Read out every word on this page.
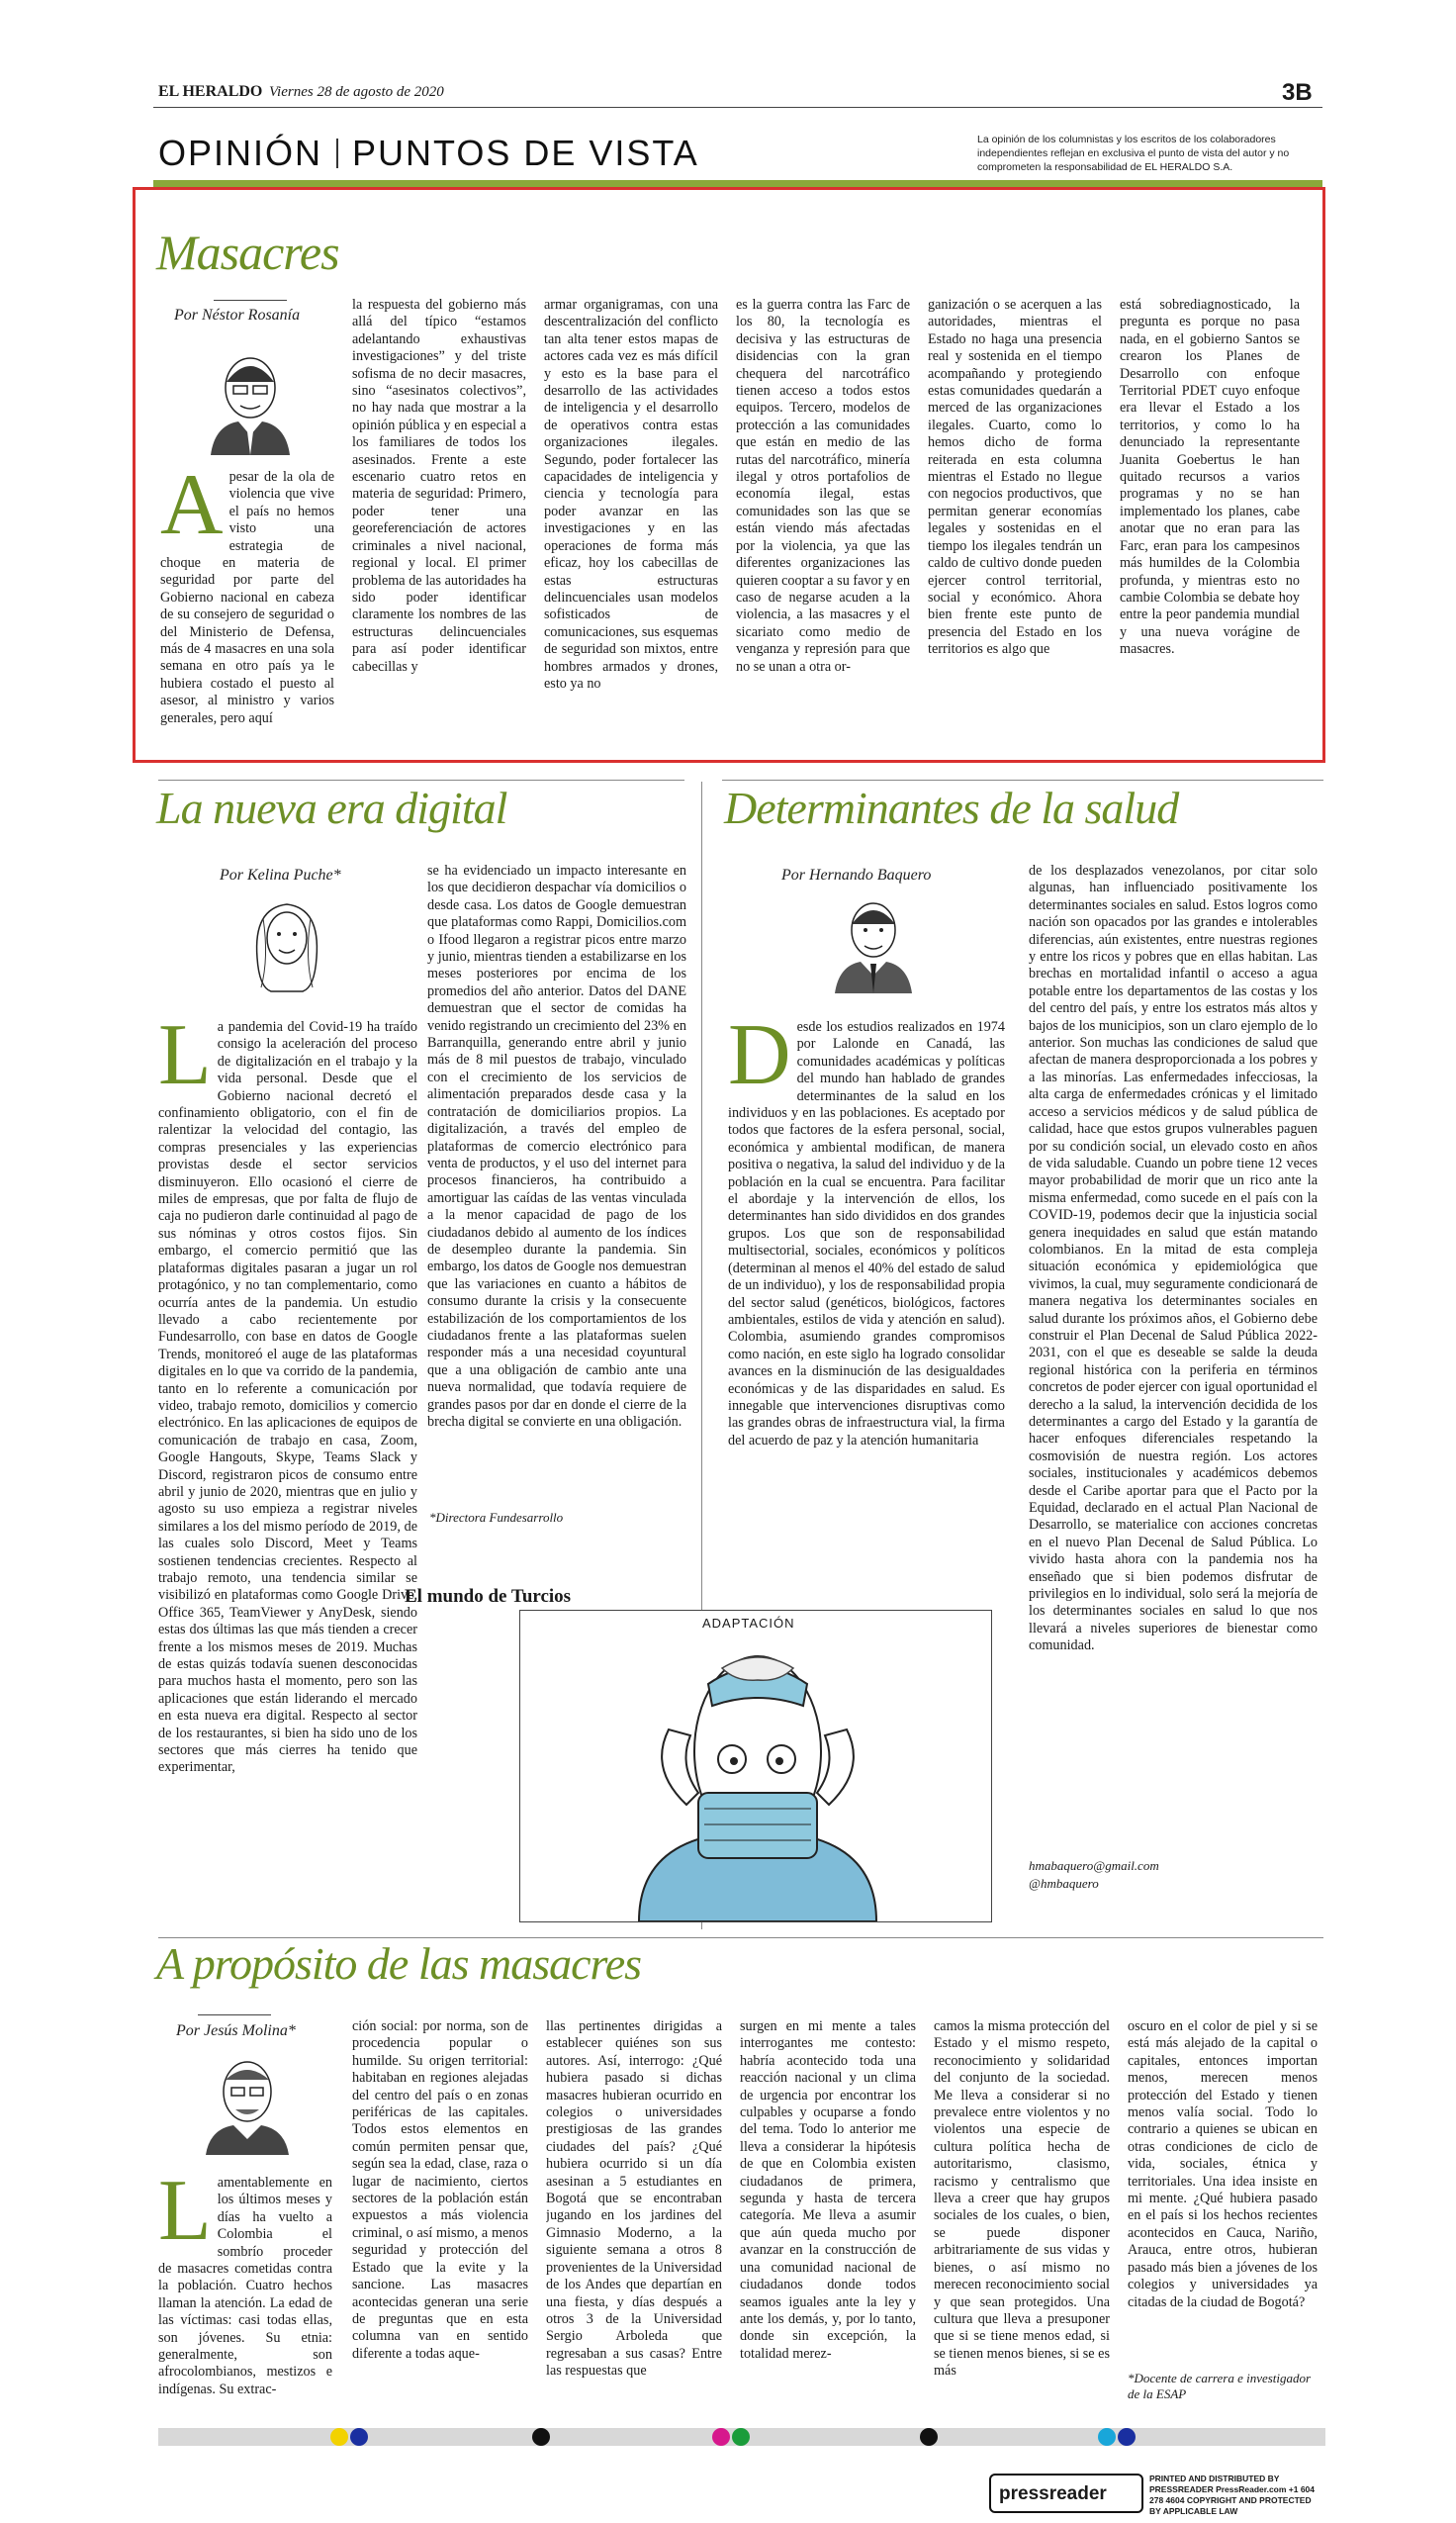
EL HERALDO Viernes 28 de agosto de 2020	3B
OPINIÓN PUNTOS DE VISTA	La opinión de los columnistas y los escritos de los colaboradores independientes reflejan en exclusiva el punto de vista del autor y no comprometen la responsabilidad de EL HERALDO S.A.
Masacres
Por Néstor Rosanía
Apesar de la ola de violencia que vive el país no hemos visto una estrategia de choque en materia de seguridad por parte del Gobierno nacional en cabeza de su consejero de seguridad o del Ministerio de Defensa, más de 4 masacres en una sola semana en otro país ya le hubiera costado el puesto al asesor, al ministro y varios generales, pero aquí
la respuesta del gobierno más allá del típico “estamos adelantando exhaustivas investigaciones” y del triste sofisma de no decir masacres, sino “asesinatos colectivos”, no hay nada que mostrar a la opinión pública y en especial a los familiares de todos los asesinados. Frente a este escenario cuatro retos en materia de seguridad: Primero, poder tener una georeferenciación de actores criminales a nivel nacional, regional y local. El primer problema de las autoridades ha sido poder identificar claramente los nombres de las estructuras delincuenciales para así poder identificar cabecillas y
armar organigramas, con una descentralización del conflicto tan alta tener estos mapas de actores cada vez es más difícil y esto es la base para el desarrollo de las actividades de inteligencia y el desarrollo de operativos contra estas organizaciones ilegales. Segundo, poder fortalecer las capacidades de inteligencia y ciencia y tecnología para poder avanzar en las investigaciones y en las operaciones de forma más eficaz, hoy los cabecillas de estas estructuras delincuenciales usan modelos sofisticados de comunicaciones, sus esquemas de seguridad son mixtos, entre hombres armados y drones, esto ya no
es la guerra contra las Farc de los 80, la tecnología es decisiva y las estructuras de disidencias con la gran chequera del narcotráfico tienen acceso a todos estos equipos. Tercero, modelos de protección a las comunidades que están en medio de las rutas del narcotráfico, minería ilegal y otros portafolios de economía ilegal, estas comunidades son las que se están viendo más afectadas por la violencia, ya que las diferentes organizaciones las quieren cooptar a su favor y en caso de negarse acuden a la violencia, a las masacres y el sicariato como medio de venganza y represión para que no se unan a otra or-
ganización o se acerquen a las autoridades, mientras el Estado no haga una presencia real y sostenida en el tiempo acompañando y protegiendo estas comunidades quedarán a merced de las organizaciones ilegales. Cuarto, como lo hemos dicho de forma reiterada en esta columna mientras el Estado no llegue con negocios productivos, que permitan generar economías legales y sostenidas en el tiempo los ilegales tendrán un caldo de cultivo donde pueden ejercer control territorial, social y económico. Ahora bien frente este punto de presencia del Estado en los territorios es algo que
está sobrediagnosticado, la pregunta es porque no pasa nada, en el gobierno Santos se crearon los Planes de Desarrollo con enfoque Territorial PDET cuyo enfoque era llevar el Estado a los territorios, y como lo ha denunciado la representante Juanita Goebertus le han quitado recursos a varios programas y no se han implementado los planes, cabe anotar que no eran para las Farc, eran para los campesinos más humildes de la Colombia profunda, y mientras esto no cambie Colombia se debate hoy entre la peor pandemia mundial y una nueva vorágine de masacres.
La nueva era digital
Por Kelina Puche*
La pandemia del Covid-19 ha traído consigo la aceleración del proceso de digitalización en el trabajo y la vida personal. Desde que el Gobierno nacional decretó el confinamiento obligatorio, con el fin de ralentizar la velocidad del contagio, las compras presenciales y las experiencias provistas desde el sector servicios disminuyeron. Ello ocasionó el cierre de miles de empresas, que por falta de flujo de caja no pudieron darle continuidad al pago de sus nóminas y otros costos fijos. Sin embargo, el comercio permitió que las plataformas digitales pasaran a jugar un rol protagónico, y no tan complementario, como ocurría antes de la pandemia. Un estudio llevado a cabo recientemente por Fundesarrollo, con base en datos de Google Trends, monitoreó el auge de las plataformas digitales en lo que va corrido de la pandemia, tanto en lo referente a comunicación por video, trabajo remoto, domicilios y comercio electrónico. En las aplicaciones de equipos de comunicación de trabajo en casa, Zoom, Google Hangouts, Skype, Teams Slack y Discord, registraron picos de consumo entre abril y junio de 2020, mientras que en julio y agosto su uso empieza a registrar niveles similares a los del mismo período de 2019, de las cuales solo Discord, Meet y Teams sostienen tendencias crecientes. Respecto al trabajo remoto, una tendencia similar se visibilizó en plataformas como Google Drive, Office 365, TeamViewer y AnyDesk, siendo estas dos últimas las que más tienden a crecer frente a los mismos meses de 2019. Muchas de estas quizás todavía suenen desconocidas para muchos hasta el momento, pero son las aplicaciones que están liderando el mercado en esta nueva era digital. Respecto al sector de los restaurantes, si bien ha sido uno de los sectores que más cierres ha tenido que experimentar,
se ha evidenciado un impacto interesante en los que decidieron despachar vía domicilios o desde casa. Los datos de Google demuestran que plataformas como Rappi, Domicilios.com o Ifood llegaron a registrar picos entre marzo y junio, mientras tienden a estabilizarse en los meses posteriores por encima de los promedios del año anterior. Datos del DANE demuestran que el sector de comidas ha venido registrando un crecimiento del 23% en Barranquilla, generando entre abril y junio más de 8 mil puestos de trabajo, vinculado con el crecimiento de los servicios de alimentación preparados desde casa y la contratación de domiciliarios propios. La digitalización, a través del empleo de plataformas de comercio electrónico para venta de productos, y el uso del internet para procesos financieros, ha contribuido a amortiguar las caídas de las ventas vinculada a la menor capacidad de pago de los ciudadanos debido al aumento de los índices de desempleo durante la pandemia. Sin embargo, los datos de Google nos demuestran que las variaciones en cuanto a hábitos de consumo durante la crisis y la consecuente estabilización de los comportamientos de los ciudadanos frente a las plataformas suelen responder más a una necesidad coyuntural que a una obligación de cambio ante una nueva normalidad, que todavía requiere de grandes pasos por dar en donde el cierre de la brecha digital se convierte en una obligación.
*Directora Fundesarrollo
Determinantes de la salud
Por Hernando Baquero
Desde los estudios realizados en 1974 por Lalonde en Canadá, las comunidades académicas y políticas del mundo han hablado de grandes determinantes de la salud en los individuos y en las poblaciones. Es aceptado por todos que factores de la esfera personal, social, económica y ambiental modifican, de manera positiva o negativa, la salud del individuo y de la población en la cual se encuentra. Para facilitar el abordaje y la intervención de ellos, los determinantes han sido divididos en dos grandes grupos. Los que son de responsabilidad multisectorial, sociales, económicos y políticos (determinan al menos el 40% del estado de salud de un individuo), y los de responsabilidad propia del sector salud (genéticos, biológicos, factores ambientales, estilos de vida y atención en salud). Colombia, asumiendo grandes compromisos como nación, en este siglo ha logrado consolidar avances en la disminución de las desigualdades económicas y de las disparidades en salud. Es innegable que intervenciones disruptivas como las grandes obras de infraestructura vial, la firma del acuerdo de paz y la atención humanitaria
de los desplazados venezolanos, por citar solo algunas, han influenciado positivamente los determinantes sociales en salud. Estos logros como nación son opacados por las grandes e intolerables diferencias, aún existentes, entre nuestras regiones y entre los ricos y pobres que en ellas habitan. Las brechas en mortalidad infantil o acceso a agua potable entre los departamentos de las costas y los del centro del país, y entre los estratos más altos y bajos de los municipios, son un claro ejemplo de lo anterior. Son muchas las condiciones de salud que afectan de manera desproporcionada a los pobres y a las minorías. Las enfermedades infecciosas, la alta carga de enfermedades crónicas y el limitado acceso a servicios médicos y de salud pública de calidad, hace que estos grupos vulnerables paguen por su condición social, un elevado costo en años de vida saludable. Cuando un pobre tiene 12 veces mayor probabilidad de morir que un rico ante la misma enfermedad, como sucede en el país con la COVID-19, podemos decir que la injusticia social genera inequidades en salud que están matando colombianos. En la mitad de esta compleja situación económica y epidemiológica que vivimos, la cual, muy seguramente condicionará de manera negativa los determinantes sociales en salud durante los próximos años, el Gobierno debe construir el Plan Decenal de Salud Pública 2022-2031, con el que es deseable se salde la deuda regional histórica con la periferia en términos concretos de poder ejercer con igual oportunidad el derecho a la salud, la intervención decidida de los determinantes a cargo del Estado y la garantía de hacer enfoques diferenciales respetando la cosmovisión de nuestra región. Los actores sociales, institucionales y académicos debemos desde el Caribe aportar para que el Pacto por la Equidad, declarado en el actual Plan Nacional de Desarrollo, se materialice con acciones concretas en el nuevo Plan Decenal de Salud Pública. Lo vivido hasta ahora con la pandemia nos ha enseñado que si bien podemos disfrutar de privilegios en lo individual, solo será la mejoría de los determinantes sociales en salud lo que nos llevará a niveles superiores de bienestar como comunidad.
hmabaquero@gmail.com
@hmbaquero
El mundo de Turcios
ADAPTACIÓN
A propósito de las masacres
Por Jesús Molina*
Lamentablemente en los últimos meses y días ha vuelto a Colombia el sombrío proceder de masacres cometidas contra la población. Cuatro hechos llaman la atención. La edad de las víctimas: casi todas ellas, son jóvenes. Su etnia: generalmente, son afrocolombianos, mestizos e indígenas. Su extrac-
ción social: por norma, son de procedencia popular o humilde. Su origen territorial: habitaban en regiones alejadas del centro del país o en zonas periféricas de las capitales. Todos estos elementos en común permiten pensar que, según sea la edad, clase, raza o lugar de nacimiento, ciertos sectores de la población están expuestos a más violencia criminal, o así mismo, a menos seguridad y protección del Estado que la evite y la sancione. Las masacres acontecidas generan una serie de preguntas que en esta columna van en sentido diferente a todas aque-
llas pertinentes dirigidas a establecer quiénes son sus autores. Así, interrogo: ¿Qué hubiera pasado si dichas masacres hubieran ocurrido en colegios o universidades prestigiosas de las grandes ciudades del país? ¿Qué hubiera ocurrido si un día asesinan a 5 estudiantes en Bogotá que se encontraban jugando en los jardines del Gimnasio Moderno, a la siguiente semana a otros 8 provenientes de la Universidad de los Andes que departían en una fiesta, y días después a otros 3 de la Universidad Sergio Arboleda que regresaban a sus casas? Entre las respuestas que
surgen en mi mente a tales interrogantes me contesto: habría acontecido toda una reacción nacional y un clima de urgencia por encontrar los culpables y ocuparse a fondo del tema. Todo lo anterior me lleva a considerar la hipótesis de que en Colombia existen ciudadanos de primera, segunda y hasta de tercera categoría. Me lleva a asumir que aún queda mucho por avanzar en la construcción de una comunidad nacional de ciudadanos donde todos seamos iguales ante la ley y ante los demás, y, por lo tanto, donde sin excepción, la totalidad merez-
camos la misma protección del Estado y el mismo respeto, reconocimiento y solidaridad del conjunto de la sociedad. Me lleva a considerar si no prevalece entre violentos y no violentos una especie de cultura política hecha de autoritarismo, clasismo, racismo y centralismo que lleva a creer que hay grupos sociales de los cuales, o bien, se puede disponer arbitrariamente de sus vidas y bienes, o así mismo no merecen reconocimiento social y que sean protegidos. Una cultura que lleva a presuponer que si se tiene menos edad, si se tienen menos bienes, si se es más
oscuro en el color de piel y si se está más alejado de la capital o capitales, entonces importan menos, merecen menos protección del Estado y tienen menos valía social. Todo lo contrario a quienes se ubican en otras condiciones de ciclo de vida, sociales, étnica y territoriales. Una idea insiste en mi mente. ¿Qué hubiera pasado en el país si los hechos recientes acontecidos en Cauca, Nariño, Arauca, entre otros, hubieran pasado más bien a jóvenes de los colegios y universidades ya citadas de la ciudad de Bogotá?
*Docente de carrera e investigador de la ESAP
pressreader
PRINTED AND DISTRIBUTED BY PRESSREADER PressReader.com +1 604 278 4604 COPYRIGHT AND PROTECTED BY APPLICABLE LAW
